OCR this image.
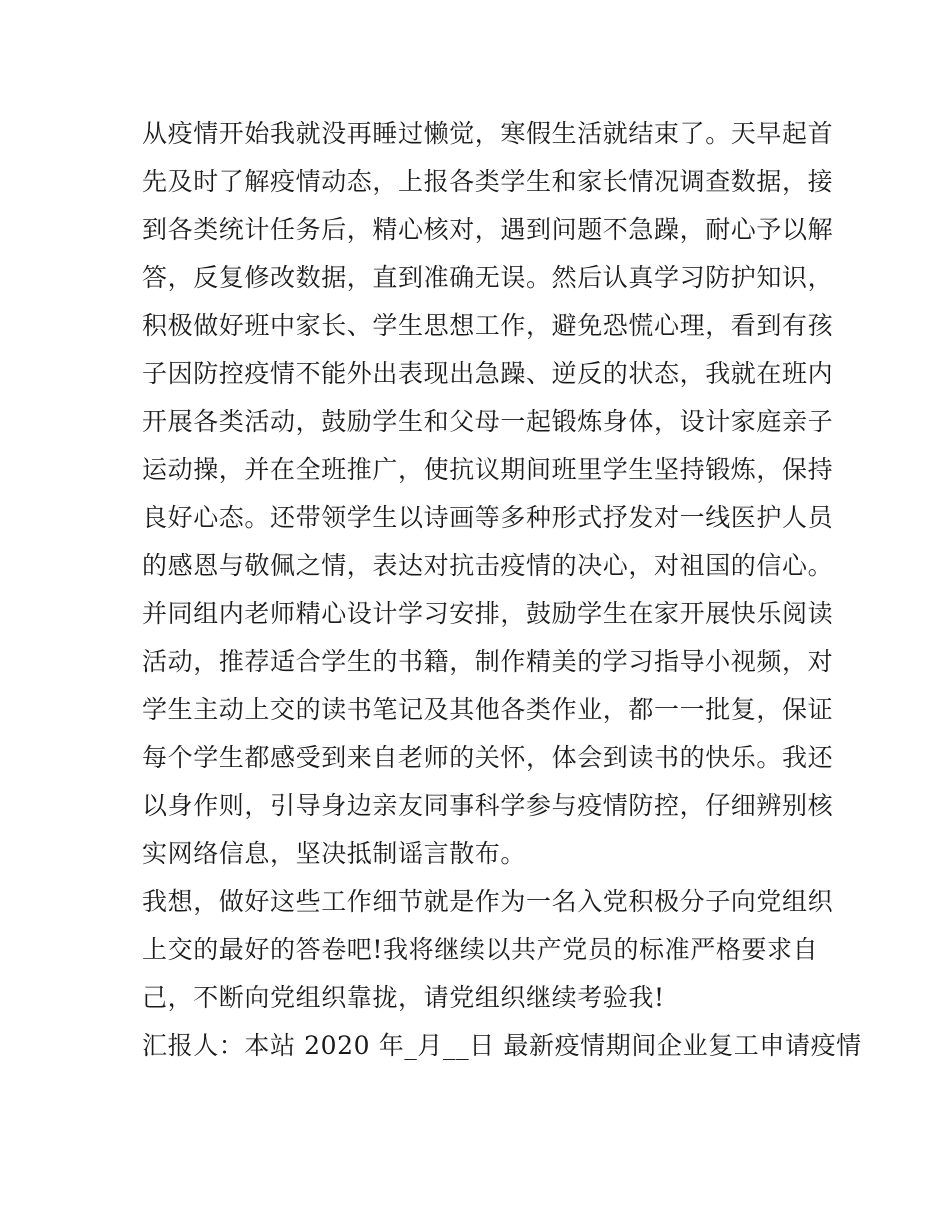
从疫情开始我就没再睡过懒觉，寒假生活就结束了。天早起首
先及时了解疫情动态，上报各类学生和家长情况调查数据，接
到各类统计任务后，精心核对，遇到问题不急躁，耐心予以解
答，反复修改数据，直到准确无误。然后认真学习防护知识，
积极做好班中家长、学生思想工作，避免恐慌心理，看到有孩
子因防控疫情不能外出表现出急躁、逆反的状态，我就在班内
开展各类活动，鼓励学生和父母一起锻炼身体，设计家庭亲子
运动操，并在全班推广，使抗议期间班里学生坚持锻炼，保持
良好心态。还带领学生以诗画等多种形式抒发对一线医护人员
的感恩与敬佩之情，表达对抗击疫情的决心，对祖国的信心。
并同组内老师精心设计学习安排，鼓励学生在家开展快乐阅读
活动，推荐适合学生的书籍，制作精美的学习指导小视频，对
学生主动上交的读书笔记及其他各类作业，都一一批复，保证
每个学生都感受到来自老师的关怀，体会到读书的快乐。我还
以身作则，引导身边亲友同事科学参与疫情防控，仔细辨别核
实网络信息，坚决抵制谣言散布。
我想，做好这些工作细节就是作为一名入党积极分子向党组织
上交的最好的答卷吧!我将继续以共产党员的标准严格要求自
己，不断向党组织靠拢，请党组织继续考验我!
汇报人：本站 2020 年_月__日 最新疫情期间企业复工申请疫情
